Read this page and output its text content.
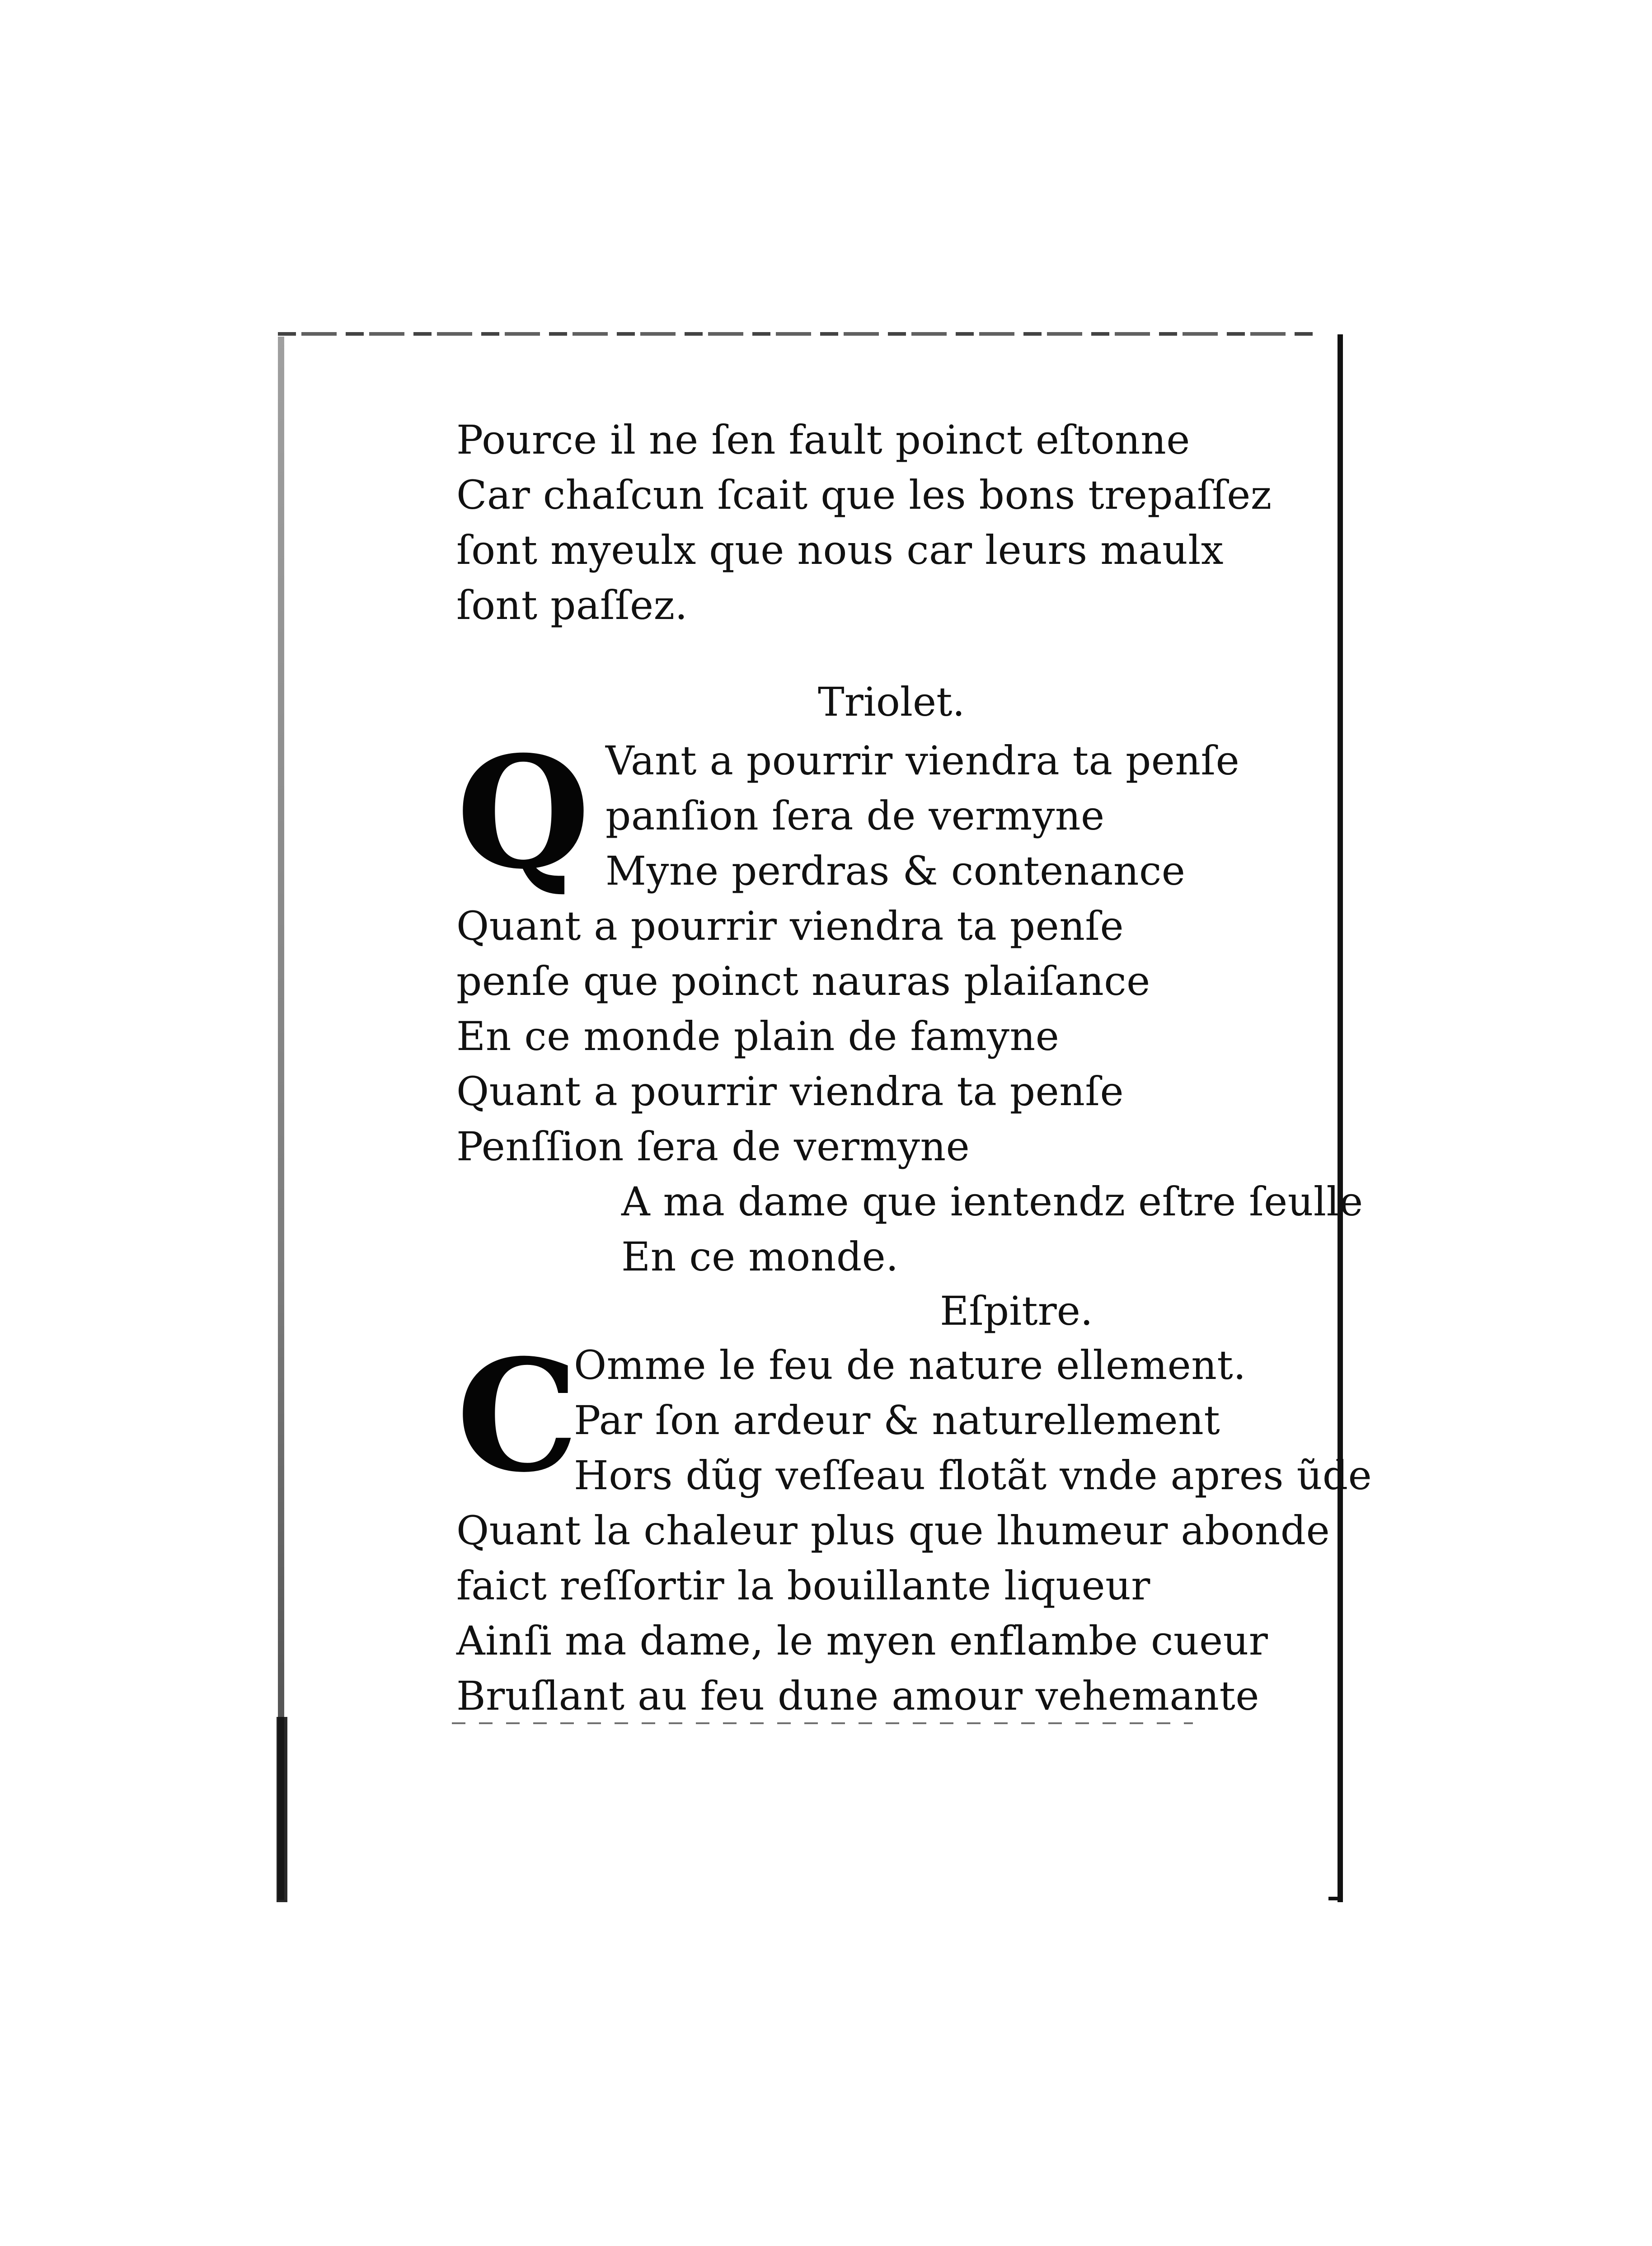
Pource il ne ſen fault poinct eſtonne
Car chaſcun ſcait que les bons trepaſſez
ſont myeulx que nous car leurs maulx
ſont paſſez.
Triolet.
Q Vant a pourrir viendra ta penſe
panſion ſera de vermyne
Myne perdras & contenance
Quant a pourrir viendra ta penſe
penſe que poinct nauras plaiſance
En ce monde plain de famyne
Quant a pourrir viendra ta penſe
Penſſion ſera de vermyne
A ma dame que ientendz eſtre ſeulle
En ce monde.
Eſpitre.
C
Omme le feu de nature ellement.
Par ſon ardeur & naturellement
Hors dũg veſſeau flotãt vnde apres ũde
Quant la chaleur plus que lhumeur abonde
faict reſſortir la bouillante liqueur
Ainſi ma dame, le myen enflambe cueur
Bruſlant au feu dune amour vehemante
